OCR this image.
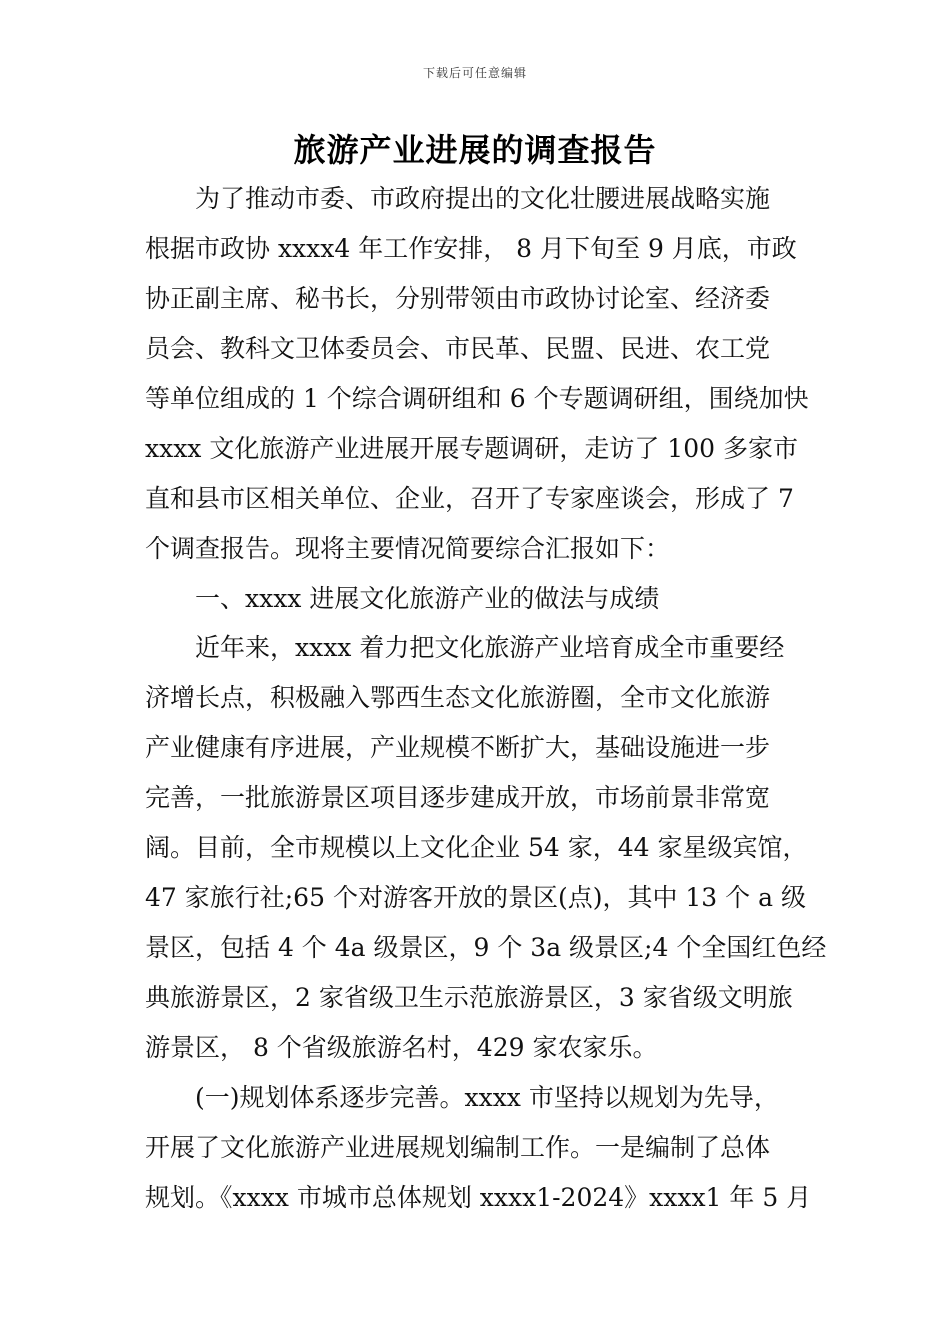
下载后可任意编辑
旅游产业进展的调查报告
为了推动市委、市政府提出的文化壮腰进展战略实施
根据市政协 xxxx4 年工作安排， 8 月下旬至 9 月底，市政
协正副主席、秘书长，分别带领由市政协讨论室、经济委
员会、教科文卫体委员会、市民革、民盟、民进、农工党
等单位组成的 1 个综合调研组和 6 个专题调研组，围绕加快
xxxx 文化旅游产业进展开展专题调研，走访了 100 多家市
直和县市区相关单位、企业，召开了专家座谈会，形成了 7
个调查报告。现将主要情况简要综合汇报如下：
一、xxxx 进展文化旅游产业的做法与成绩
近年来，xxxx 着力把文化旅游产业培育成全市重要经
济增长点，积极融入鄂西生态文化旅游圈，全市文化旅游
产业健康有序进展，产业规模不断扩大，基础设施进一步
完善，一批旅游景区项目逐步建成开放，市场前景非常宽
阔。目前，全市规模以上文化企业 54 家，44 家星级宾馆，
47 家旅行社;65 个对游客开放的景区(点)，其中 13 个 a 级
景区，包括 4 个 4a 级景区，9 个 3a 级景区;4 个全国红色经
典旅游景区，2 家省级卫生示范旅游景区，3 家省级文明旅
游景区， 8 个省级旅游名村，429 家农家乐。
(一)规划体系逐步完善。xxxx 市坚持以规划为先导，
开展了文化旅游产业进展规划编制工作。一是编制了总体
规划。《xxxx 市城市总体规划 xxxx1-2024》xxxx1 年 5 月
